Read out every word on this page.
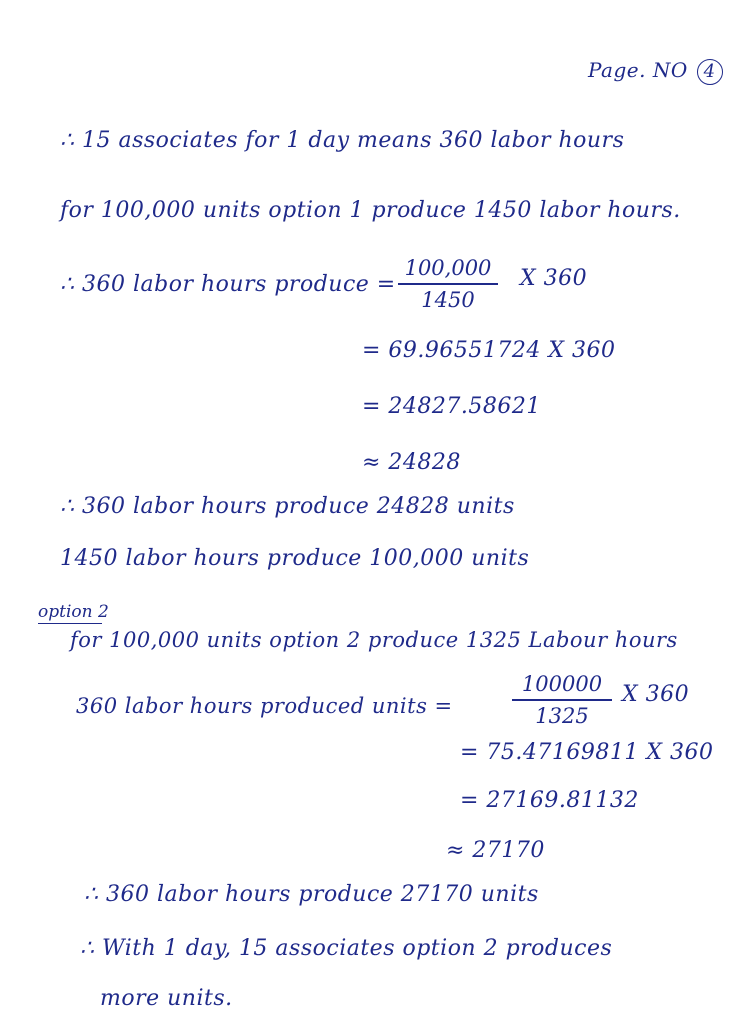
Page. NO 4
∴ 15 associates for 1 day means 360 labor hours
for 100,000 units option 1 produce 1450 labor hours.
∴ 360 labor hours produce =
100,000
1450
X 360
= 69.96551724 X 360
= 24827.58621
≈ 24828
∴ 360 labor hours produce 24828 units
1450 labor hours produce 100,000 units
option 2
for 100,000 units option 2 produce 1325 Labour hours
360 labor hours produced units =
100000
1325
X 360
= 75.47169811 X 360
= 27169.81132
≈ 27170
∴ 360 labor hours produce 27170 units
∴ With 1 day, 15 associates option 2 produces
more units.
